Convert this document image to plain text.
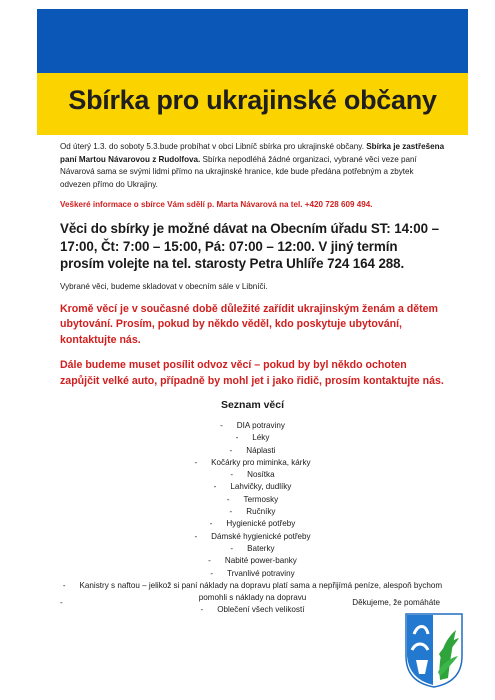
Sbírka pro ukrajinské občany

Od úterý 1.3. do soboty 5.3.bude probíhat v obci Libníč sbírka pro ukrajinské občany. Sbírka je zastřešena paní Martou Návarovou z Rudolfova. Sbírka nepodléhá žádné organizaci, vybrané věci veze paní Návarová sama se svými lidmi přímo na ukrajinské hranice, kde bude předána potřebným a zbytek odvezen přímo do Ukrajiny.

Veškeré informace o sbírce Vám sdělí p. Marta Návarová na tel. +420 728 609 494.

Věci do sbírky je možné dávat na Obecním úřadu ST: 14:00 – 17:00, Čt: 7:00 – 15:00, Pá: 07:00 – 12:00. V jiný termín prosím volejte na tel. starosty Petra Uhlíře 724 164 288.

Vybrané věci, budeme skladovat v obecním sále v Libníči.

Kromě věcí je v současné době důležité zařídit ukrajinským ženám a dětem ubytování. Prosím, pokud by někdo věděl, kdo poskytuje ubytování, kontaktujte nás.

Dále budeme muset posílit odvoz věcí – pokud by byl někdo ochoten zapůjčit velké auto, případně by mohl jet i jako řidič, prosím kontaktujte nás.

Seznam věcí

- DIA potraviny
- Léky
- Náplasti
- Kočárky pro miminka, kárky
- Nosítka
- Lahvičky, dudlíky
- Termosky
- Ručníky
- Hygienické potřeby
- Dámské hygienické potřeby
- Baterky
- Nabité power-banky
- Trvanlivé potraviny
- Kanistry s naftou – jelikož si paní náklady na dopravu platí sama a nepřijímá peníze, alespoň bychom pomohli s náklady na dopravu
- Oblečení všech velikostí
-	Děkujeme, že pomáháte
